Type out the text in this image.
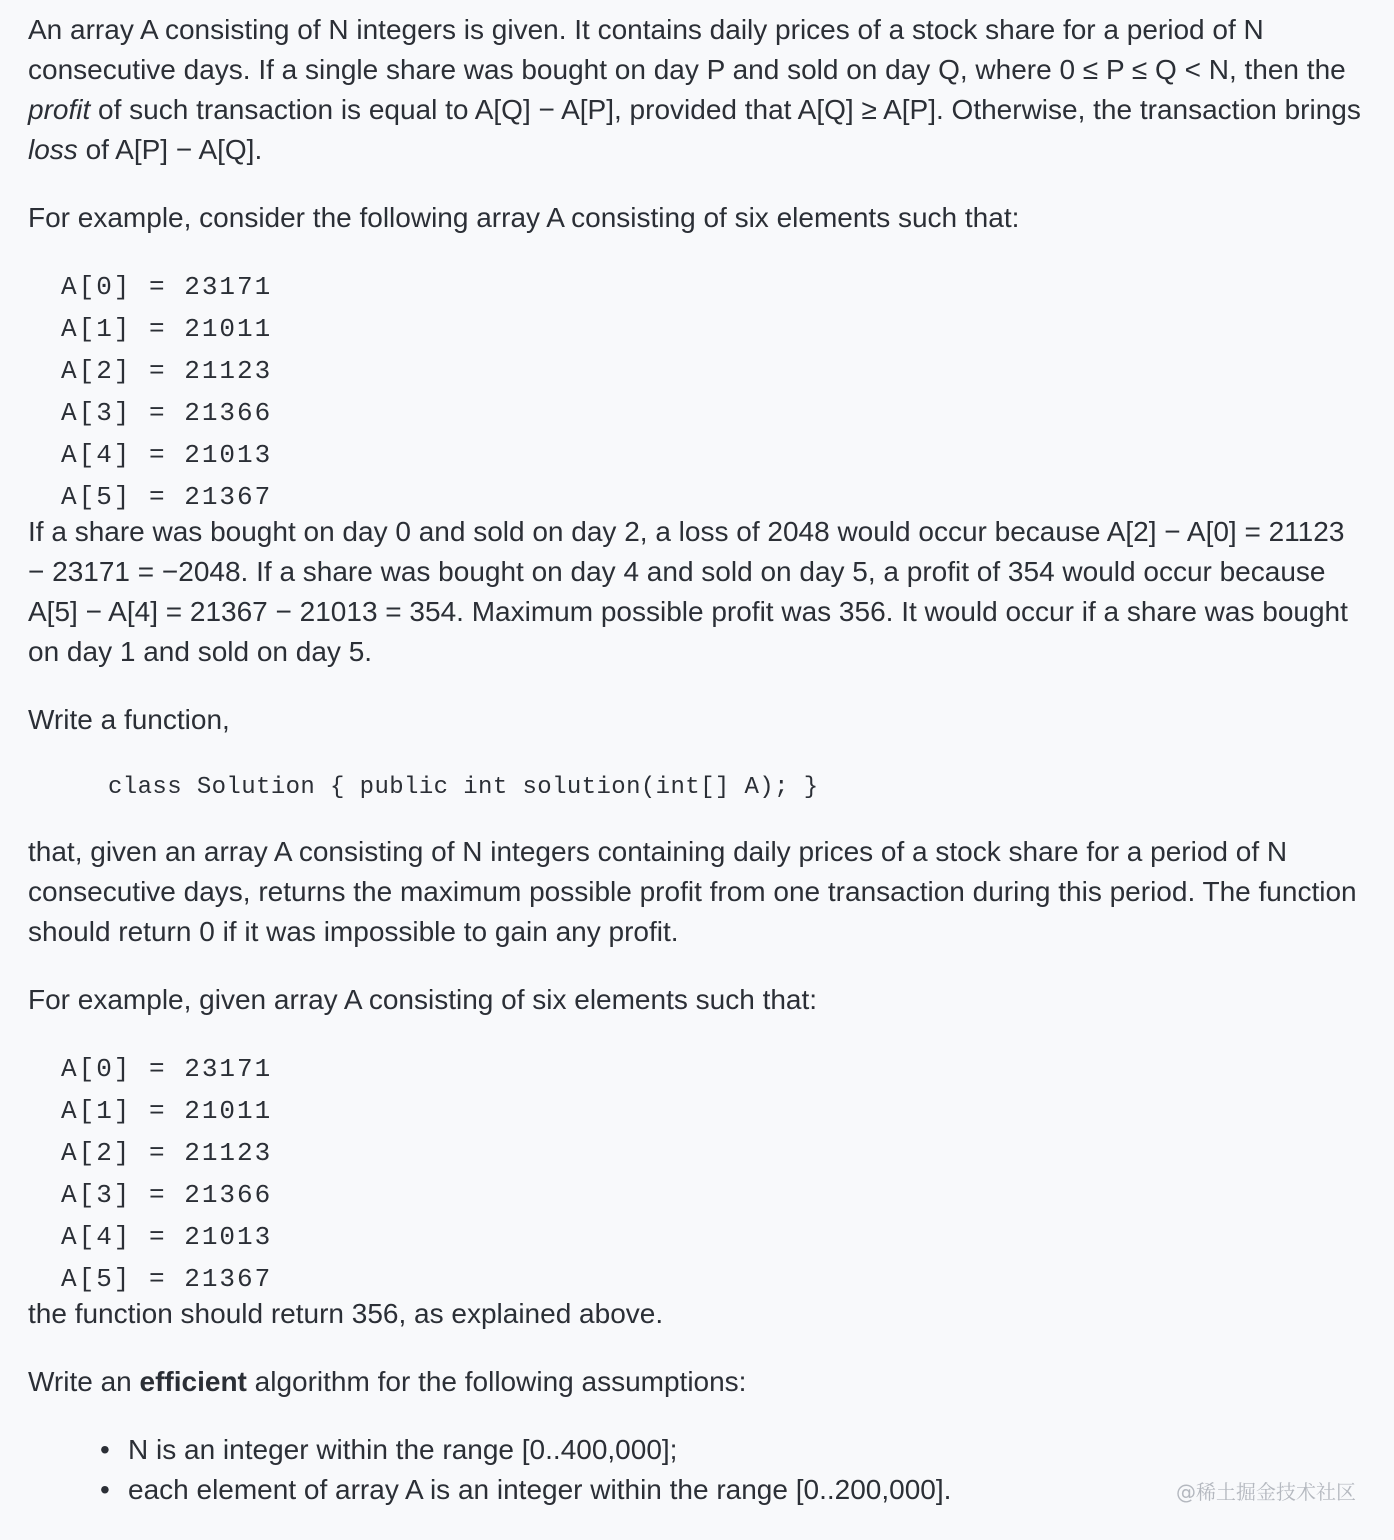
An array A consisting of N integers is given. It contains daily prices of a stock share for a period of N consecutive days. If a single share was bought on day P and sold on day Q, where 0 ≤ P ≤ Q < N, then the profit of such transaction is equal to A[Q] − A[P], provided that A[Q] ≥ A[P]. Otherwise, the transaction brings loss of A[P] − A[Q].

For example, consider the following array A consisting of six elements such that:

A[0] = 23171
A[1] = 21011
A[2] = 21123
A[3] = 21366
A[4] = 21013
A[5] = 21367

If a share was bought on day 0 and sold on day 2, a loss of 2048 would occur because A[2] − A[0] = 21123 − 23171 = −2048. If a share was bought on day 4 and sold on day 5, a profit of 354 would occur because A[5] − A[4] = 21367 − 21013 = 354. Maximum possible profit was 356. It would occur if a share was bought on day 1 and sold on day 5.

Write a function,

class Solution { public int solution(int[] A); }

that, given an array A consisting of N integers containing daily prices of a stock share for a period of N consecutive days, returns the maximum possible profit from one transaction during this period. The function should return 0 if it was impossible to gain any profit.

For example, given array A consisting of six elements such that:

A[0] = 23171
A[1] = 21011
A[2] = 21123
A[3] = 21366
A[4] = 21013
A[5] = 21367

the function should return 356, as explained above.

Write an efficient algorithm for the following assumptions:

• N is an integer within the range [0..400,000];
• each element of array A is an integer within the range [0..200,000].	@稀土掘金技术社区
